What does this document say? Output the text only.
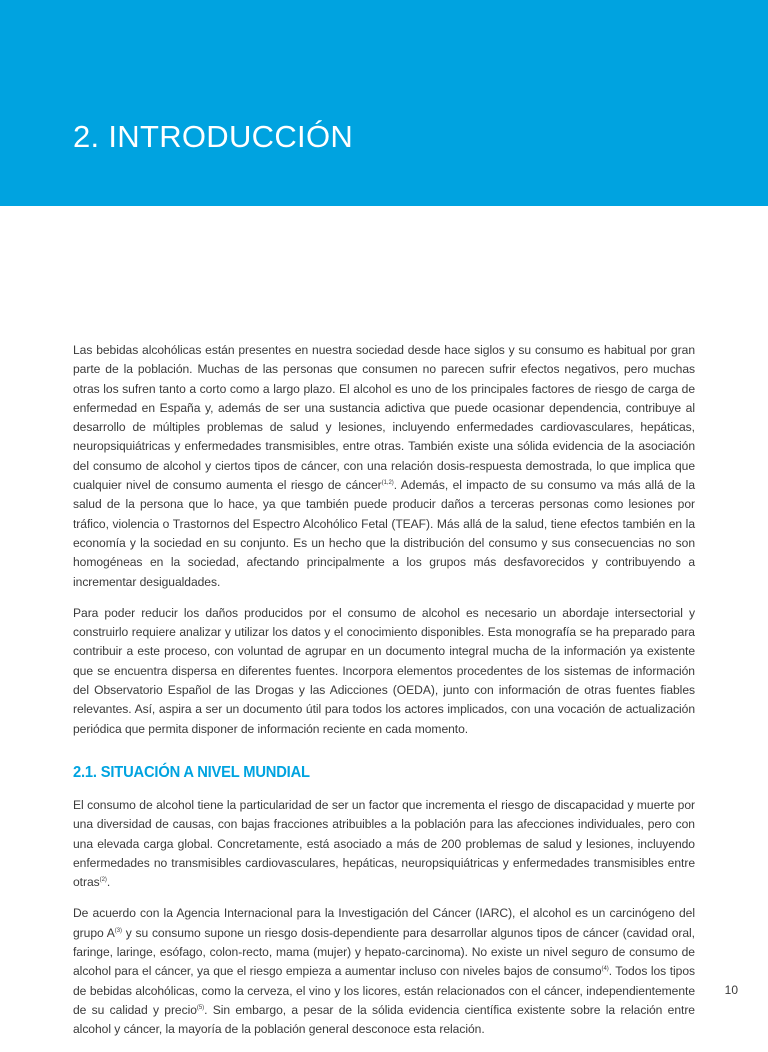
2. INTRODUCCIÓN

Las bebidas alcohólicas están presentes en nuestra sociedad desde hace siglos y su consumo es habitual por gran parte de la población. Muchas de las personas que consumen no parecen sufrir efectos negativos, pero muchas otras los sufren tanto a corto como a largo plazo. El alcohol es uno de los principales factores de riesgo de carga de enfermedad en España y, además de ser una sustancia adictiva que puede ocasionar dependencia, contribuye al desarrollo de múltiples problemas de salud y lesiones, incluyendo enfermedades cardiovasculares, hepáticas, neuropsiquiátricas y enfermedades transmisibles, entre otras. También existe una sólida evidencia de la asociación del consumo de alcohol y ciertos tipos de cáncer, con una relación dosis-respuesta demostrada, lo que implica que cualquier nivel de consumo aumenta el riesgo de cáncer$^{(1,2)}$. Además, el impacto de su consumo va más allá de la salud de la persona que lo hace, ya que también puede producir daños a terceras personas como lesiones por tráfico, violencia o Trastornos del Espectro Alcohólico Fetal (TEAF). Más allá de la salud, tiene efectos también en la economía y la sociedad en su conjunto. Es un hecho que la distribución del consumo y sus consecuencias no son homogéneas en la sociedad, afectando principalmente a los grupos más desfavorecidos y contribuyendo a incrementar desigualdades.

Para poder reducir los daños producidos por el consumo de alcohol es necesario un abordaje intersectorial y construirlo requiere analizar y utilizar los datos y el conocimiento disponibles. Esta monografía se ha preparado para contribuir a este proceso, con voluntad de agrupar en un documento integral mucha de la información ya existente que se encuentra dispersa en diferentes fuentes. Incorpora elementos procedentes de los sistemas de información del Observatorio Español de las Drogas y las Adicciones (OEDA), junto con información de otras fuentes fiables relevantes. Así, aspira a ser un documento útil para todos los actores implicados, con una vocación de actualización periódica que permita disponer de información reciente en cada momento.

2.1. SITUACIÓN A NIVEL MUNDIAL

El consumo de alcohol tiene la particularidad de ser un factor que incrementa el riesgo de discapacidad y muerte por una diversidad de causas, con bajas fracciones atribuibles a la población para las afecciones individuales, pero con una elevada carga global. Concretamente, está asociado a más de 200 problemas de salud y lesiones, incluyendo enfermedades no transmisibles cardiovasculares, hepáticas, neuropsiquiátricas y enfermedades transmisibles entre otras$^{(2)}$.

De acuerdo con la Agencia Internacional para la Investigación del Cáncer (IARC), el alcohol es un carcinógeno del grupo $A^{(3)}$ y su consumo supone un riesgo dosis-dependiente para desarrollar algunos tipos de cáncer (cavidad oral, faringe, laringe, esófago, colon-recto, mama (mujer) y hepato-carcinoma). No existe un nivel seguro de consumo de alcohol para el cáncer, ya que el riesgo empieza a aumentar incluso con niveles bajos de consumo$^{(4)}$. Todos los tipos de bebidas alcohólicas, como la cerveza, el vino y los licores, están relacionados con el cáncer, independientemente de su calidad y precio$^{(5)}$. Sin embargo, a pesar de la sólida evidencia científica existente sobre la relación entre alcohol y cáncer, la mayoría de la población general desconoce esta relación.

10
